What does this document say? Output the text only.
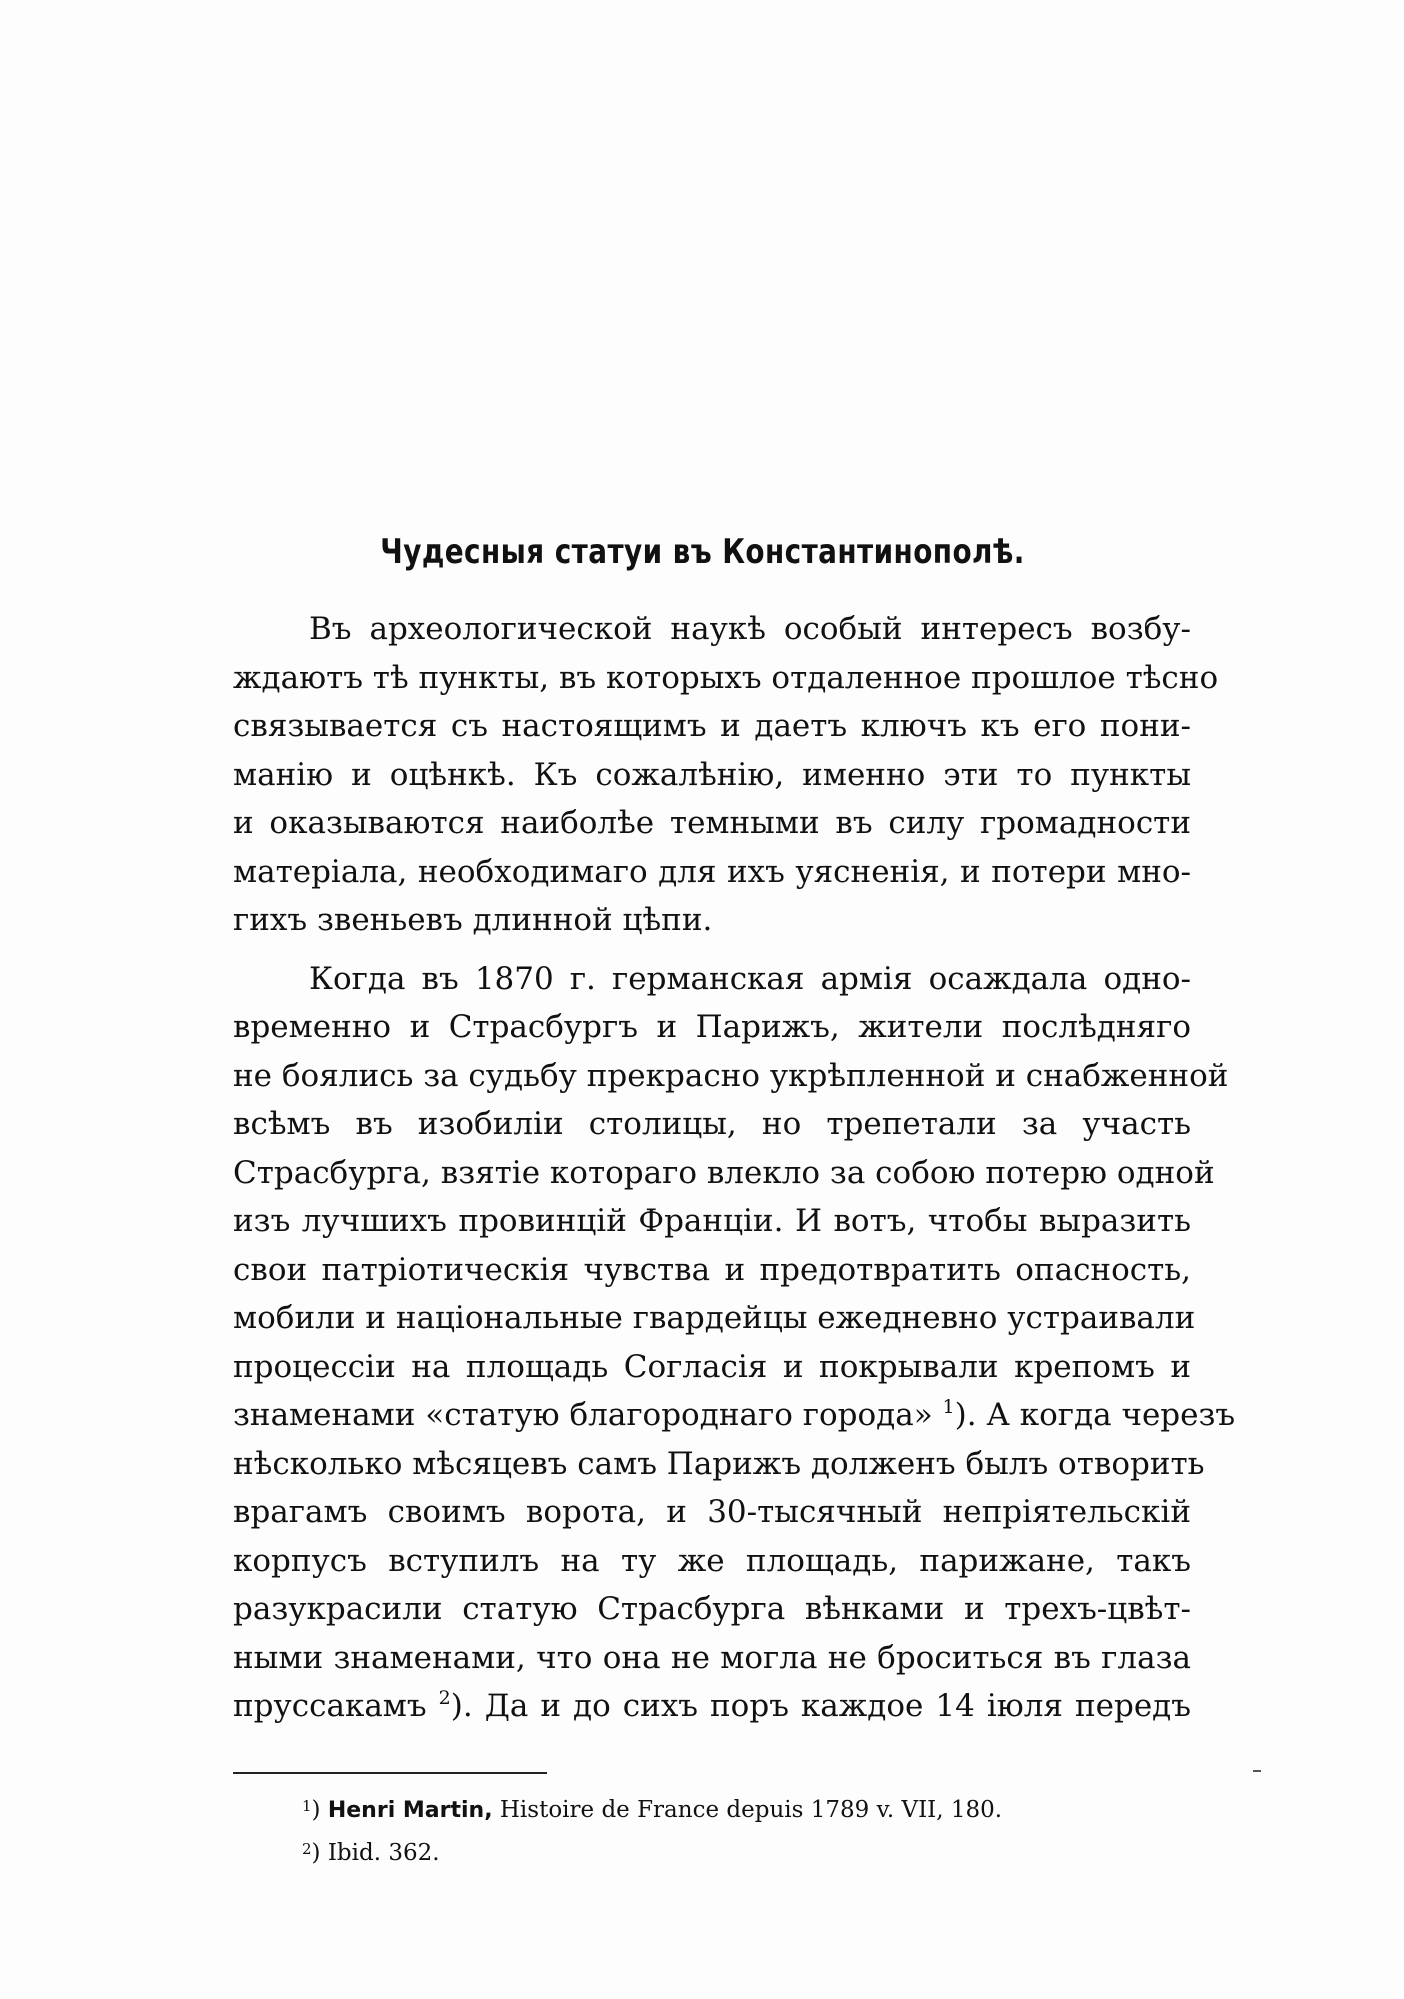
Чудесныя статуи въ Константинополѣ.
Въ археологической наукѣ особый интересъ возбу-
ждаютъ тѣ пункты, въ которыхъ отдаленное прошлое тѣсно
связывается съ настоящимъ и даетъ ключъ къ его пони-
манію и оцѣнкѣ. Къ сожалѣнію, именно эти то пункты
и оказываются наиболѣе темными въ силу громадности
матеріала, необходимаго для ихъ уясненія, и потери мно-
гихъ звеньевъ длинной цѣпи.
Когда въ 1870 г. германская армія осаждала одно-
временно и Страсбургъ и Парижъ, жители послѣдняго
не боялись за судьбу прекрасно укрѣпленной и снабженной
всѣмъ въ изобиліи столицы, но трепетали за участь
Страсбурга, взятіе котораго влекло за собою потерю одной
изъ лучшихъ провинцій Франціи. И вотъ, чтобы выразить
свои патріотическія чувства и предотвратить опасность,
мобили и національные гвардейцы ежедневно устраивали
процессіи на площадь Согласія и покрывали крепомъ и
знаменами «статую благороднаго города» $^1$). А когда черезъ
нѣсколько мѣсяцевъ самъ Парижъ долженъ былъ отворить
врагамъ своимъ ворота, и 30-тысячный непріятельскій
корпусъ вступилъ на ту же площадь, парижане, такъ
разукрасили статую Страсбурга вѣнками и трехъ-цвѣт-
ными знаменами, что она не могла не броситься въ глаза
пруссакамъ $^2$). Да и до сихъ поръ каждое 14 іюля передъ
$^1$) Henri Martin, Histoire de France depuis 1789 v. VII, 180.
$^2$) Ibid. 362.
